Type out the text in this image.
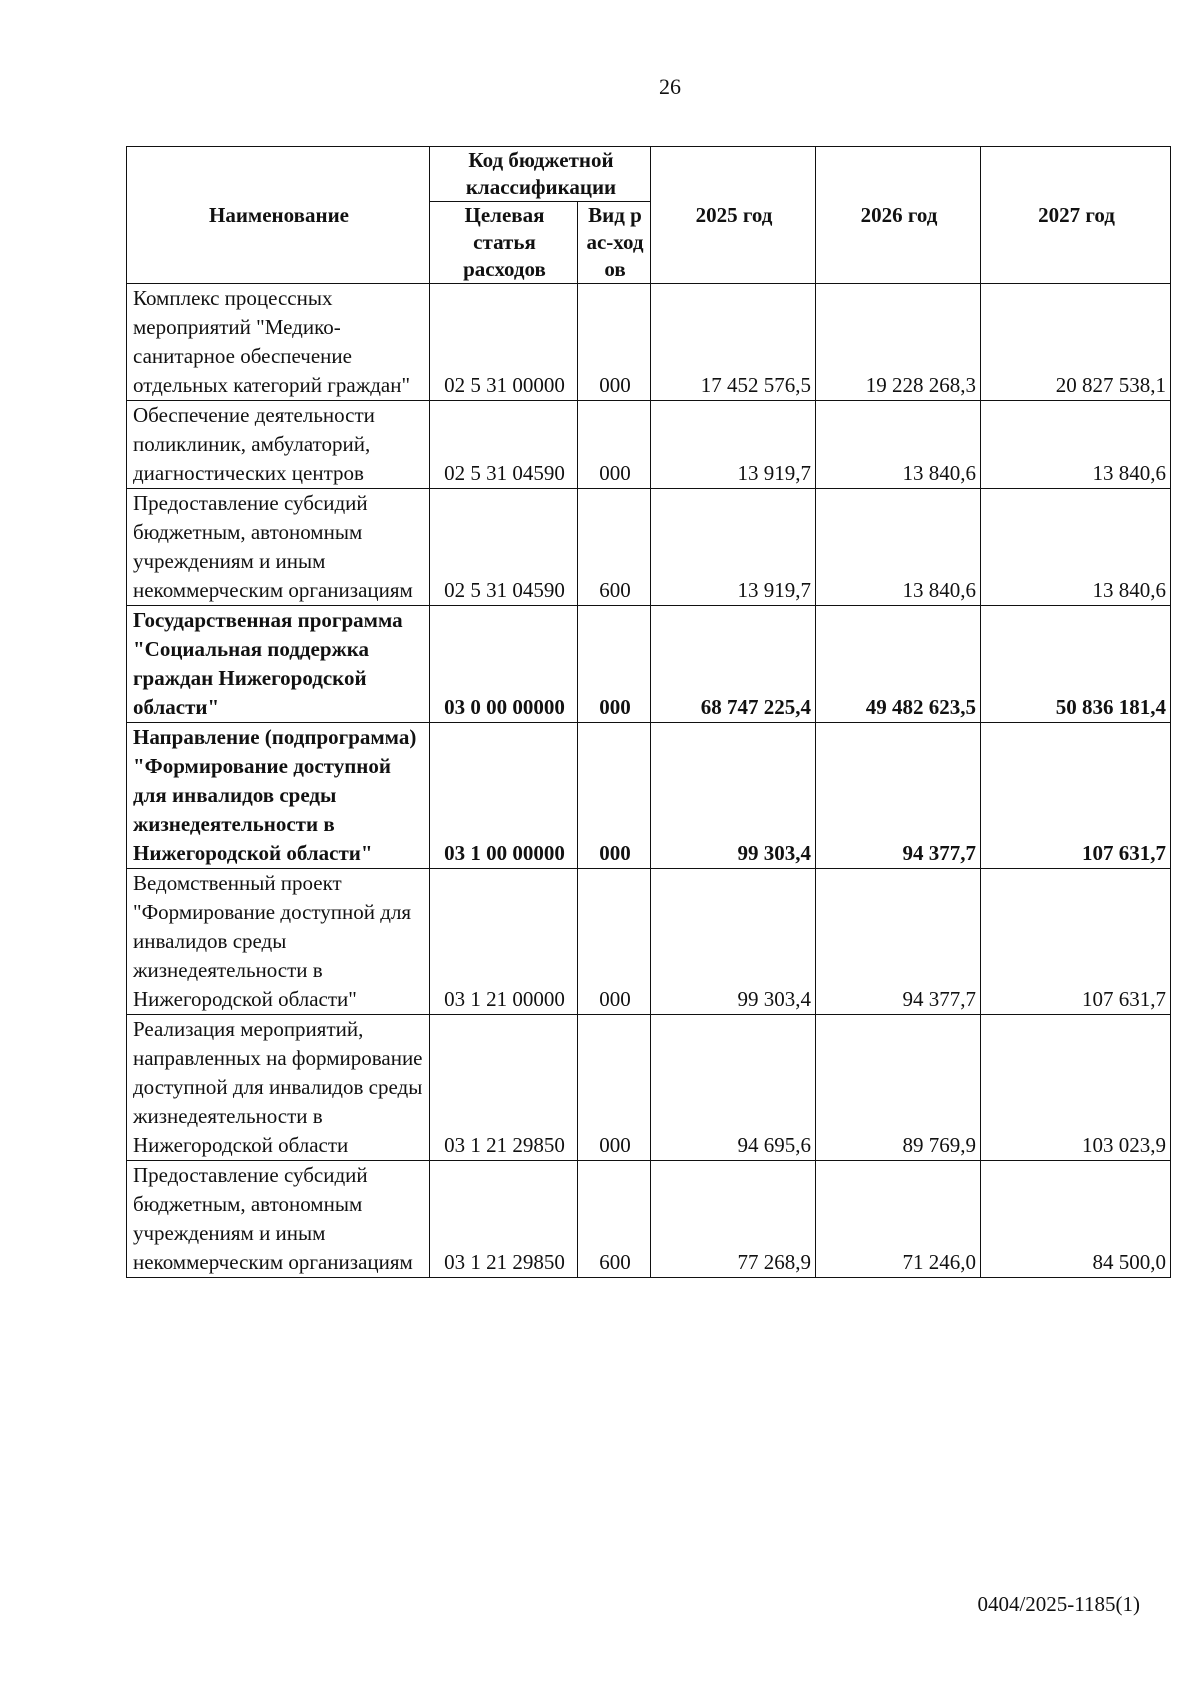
26
Наименование	Код бюджетной классификации		2025 год	2026 год	2027 год
	Целевая статья расходов	Вид рас-ходов			
Комплекс процессных мероприятий "Медико-санитарное обеспечение отдельных категорий граждан"	02 5 31 00000	000	17 452 576,5	19 228 268,3	20 827 538,1
Обеспечение деятельности поликлиник, амбулаторий, диагностических центров	02 5 31 04590	000	13 919,7	13 840,6	13 840,6
Предоставление субсидий бюджетным, автономным учреждениям и иным некоммерческим организациям	02 5 31 04590	600	13 919,7	13 840,6	13 840,6
Государственная программа "Социальная поддержка граждан Нижегородской области"	03 0 00 00000	000	68 747 225,4	49 482 623,5	50 836 181,4
Направление (подпрограмма) "Формирование доступной для инвалидов среды жизнедеятельности в Нижегородской области"	03 1 00 00000	000	99 303,4	94 377,7	107 631,7
Ведомственный проект "Формирование доступной для инвалидов среды жизнедеятельности в Нижегородской области"	03 1 21 00000	000	99 303,4	94 377,7	107 631,7
Реализация мероприятий, направленных на формирование доступной для инвалидов среды жизнедеятельности в Нижегородской области	03 1 21 29850	000	94 695,6	89 769,9	103 023,9
Предоставление субсидий бюджетным, автономным учреждениям и иным некоммерческим организациям	03 1 21 29850	600	77 268,9	71 246,0	84 500,0
0404/2025-1185(1)
